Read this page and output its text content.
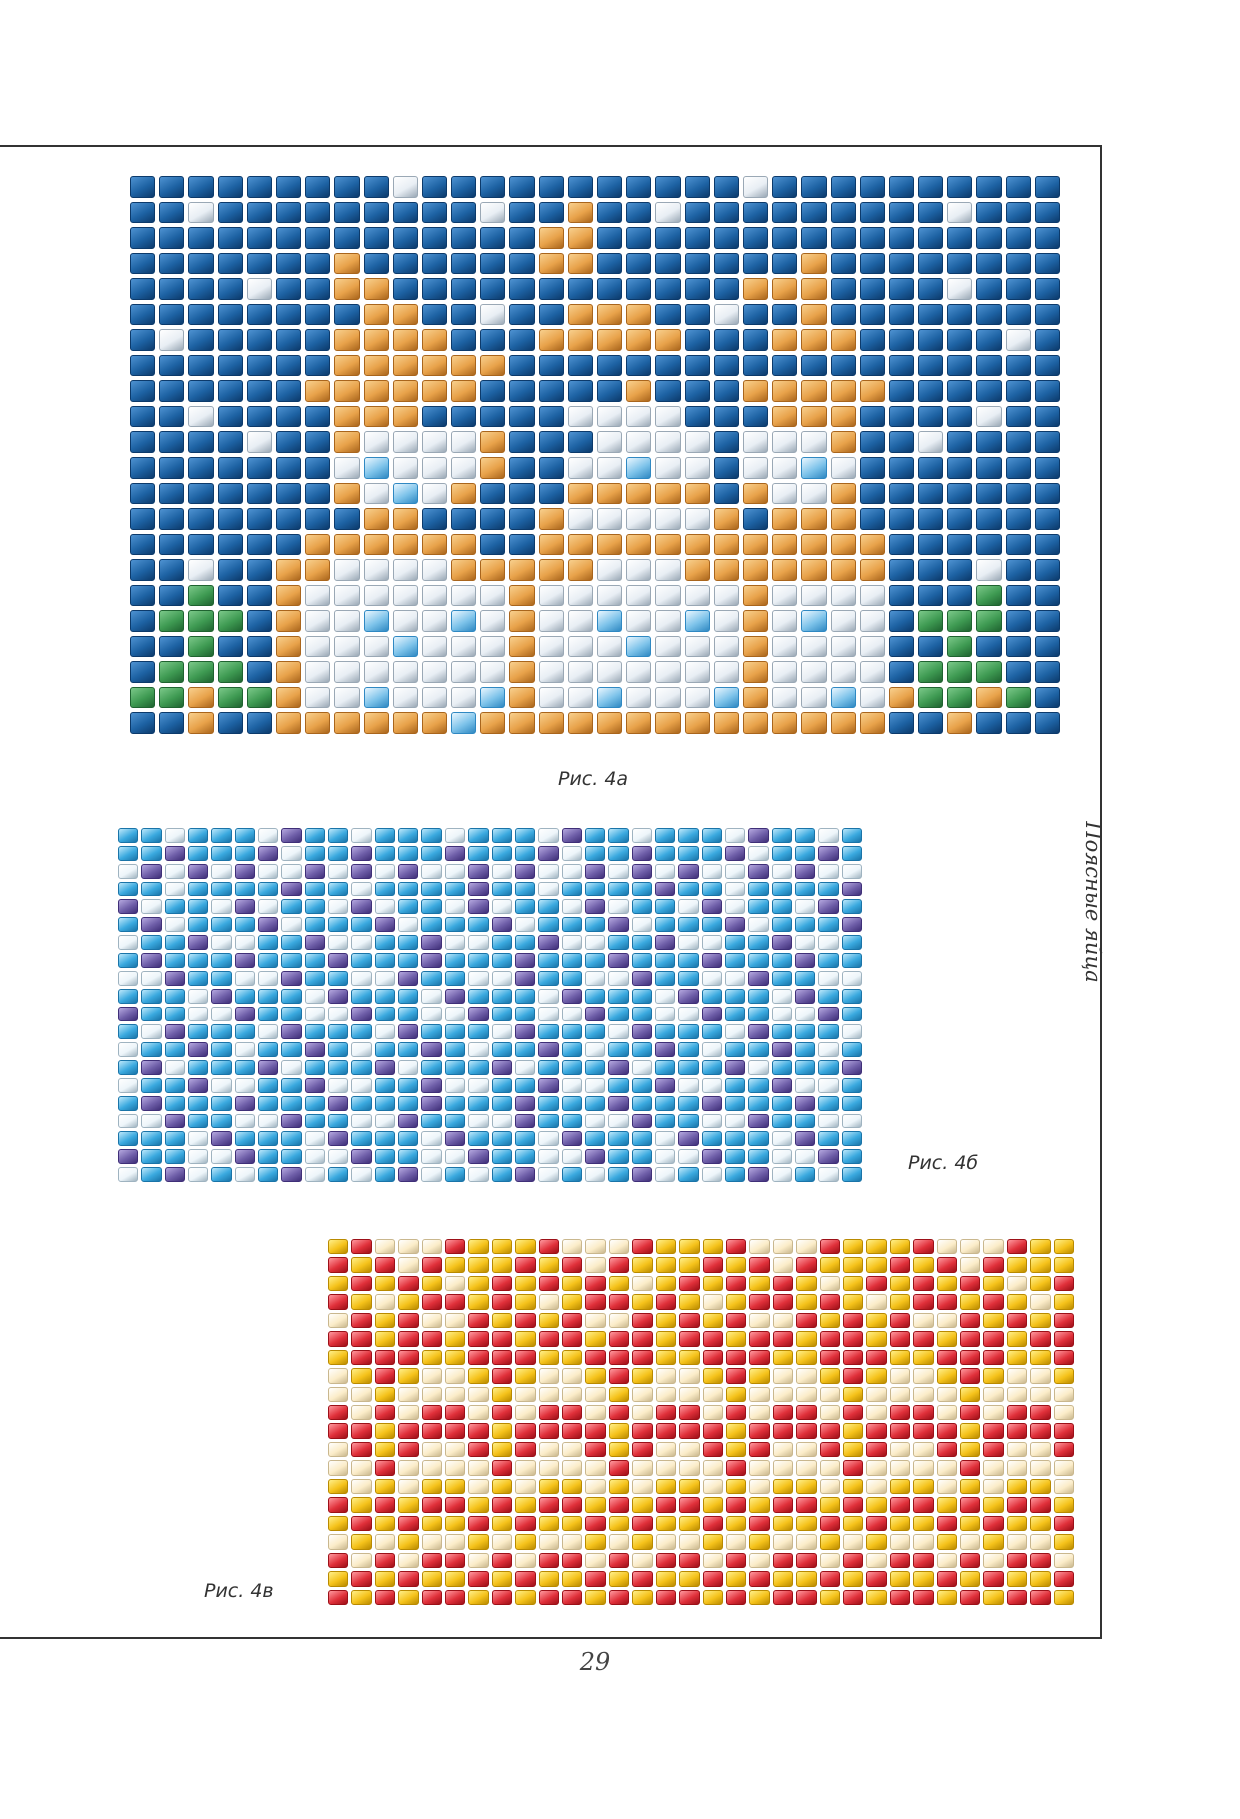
Рис. 4а
Рис. 4б
Рис. 4в
Поясные яйца
29
